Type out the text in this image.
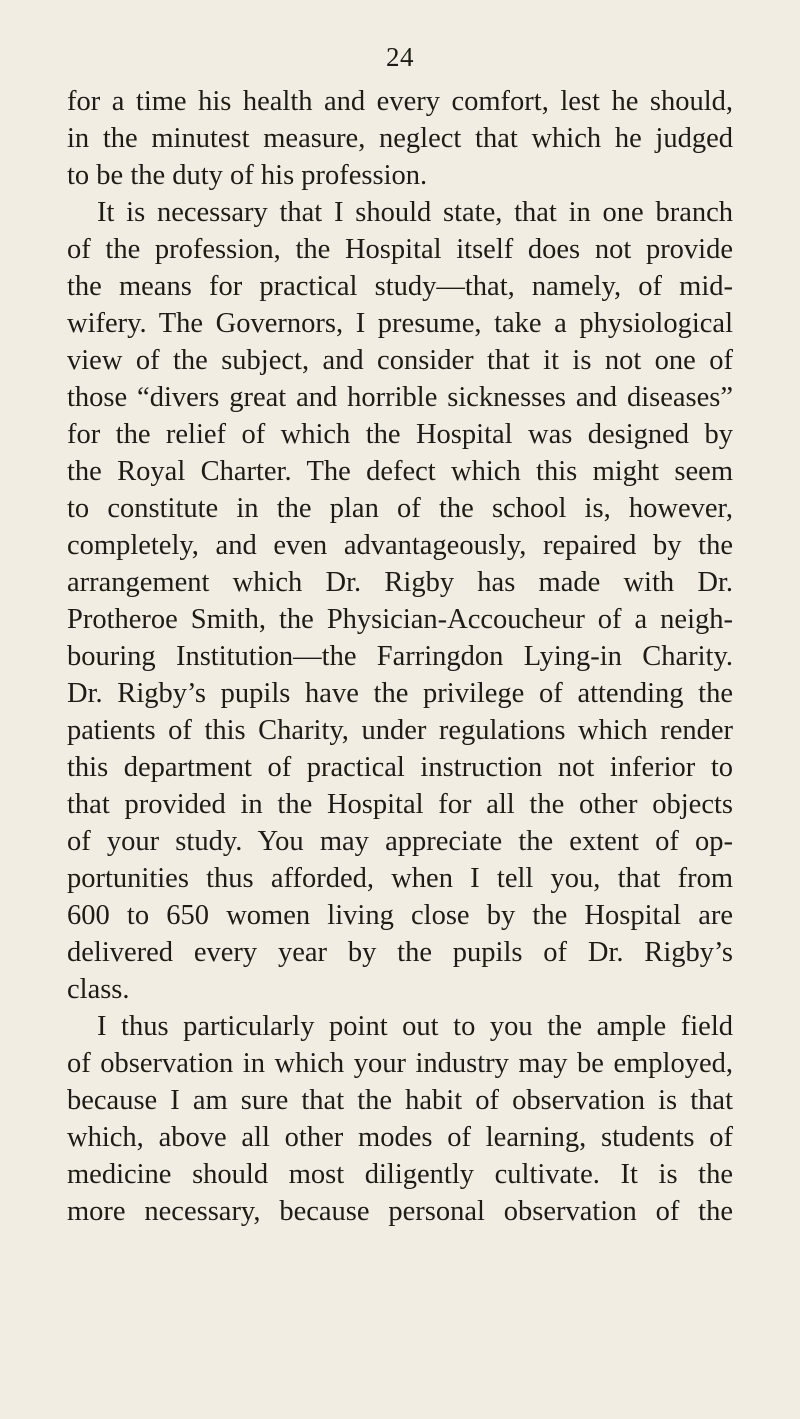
24
for a time his health and every comfort, lest he should,
in the minutest measure, neglect that which he judged
to be the duty of his profession.
It is necessary that I should state, that in one branch
of the profession, the Hospital itself does not provide
the means for practical study—that, namely, of mid-
wifery. The Governors, I presume, take a physiological
view of the subject, and consider that it is not one of
those “divers great and horrible sicknesses and diseases”
for the relief of which the Hospital was designed by
the Royal Charter. The defect which this might seem
to constitute in the plan of the school is, however,
completely, and even advantageously, repaired by the
arrangement which Dr. Rigby has made with Dr.
Protheroe Smith, the Physician-Accoucheur of a neigh-
bouring Institution—the Farringdon Lying-in Charity.
Dr. Rigby’s pupils have the privilege of attending the
patients of this Charity, under regulations which render
this department of practical instruction not inferior to
that provided in the Hospital for all the other objects
of your study. You may appreciate the extent of op-
portunities thus afforded, when I tell you, that from
600 to 650 women living close by the Hospital are
delivered every year by the pupils of Dr. Rigby’s
class.
I thus particularly point out to you the ample field
of observation in which your industry may be employed,
because I am sure that the habit of observation is that
which, above all other modes of learning, students of
medicine should most diligently cultivate. It is the
more necessary, because personal observation of the
